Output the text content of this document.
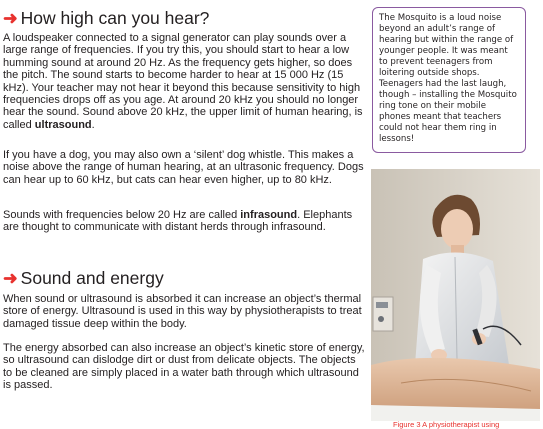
➜ How high can you hear?

A loudspeaker connected to a signal generator can play sounds over a large range of frequencies. If you try this, you should start to hear a low humming sound at around 20 Hz. As the frequency gets higher, so does the pitch. The sound starts to become harder to hear at 15 000 Hz (15 kHz). Your teacher may not hear it beyond this because sensitivity to high frequencies drops off as you age. At around 20 kHz you should no longer hear the sound. Sound above 20 kHz, the upper limit of human hearing, is called ultrasound.

If you have a dog, you may also own a ‘silent’ dog whistle. This makes a noise above the range of human hearing, at an ultrasonic frequency. Dogs can hear up to 60 kHz, but cats can hear even higher, up to 80 kHz.

Sounds with frequencies below 20 Hz are called infrasound. Elephants are thought to communicate with distant herds through infrasound.

➜ Sound and energy

When sound or ultrasound is absorbed it can increase an object’s thermal store of energy. Ultrasound is used in this way by physiotherapists to treat damaged tissue deep within the body.

The energy absorbed can also increase an object’s kinetic store of energy, so ultrasound can dislodge dirt or dust from delicate objects. The objects to be cleaned are simply placed in a water bath through which ultrasound is passed.

The Mosquito is a loud noise beyond an adult’s range of hearing but within the range of younger people. It was meant to prevent teenagers from loitering outside shops. Teenagers had the last laugh, though – installing the Mosquito ring tone on their mobile phones meant that teachers could not hear them ring in lessons!
Figure 3 A physiotherapist using
